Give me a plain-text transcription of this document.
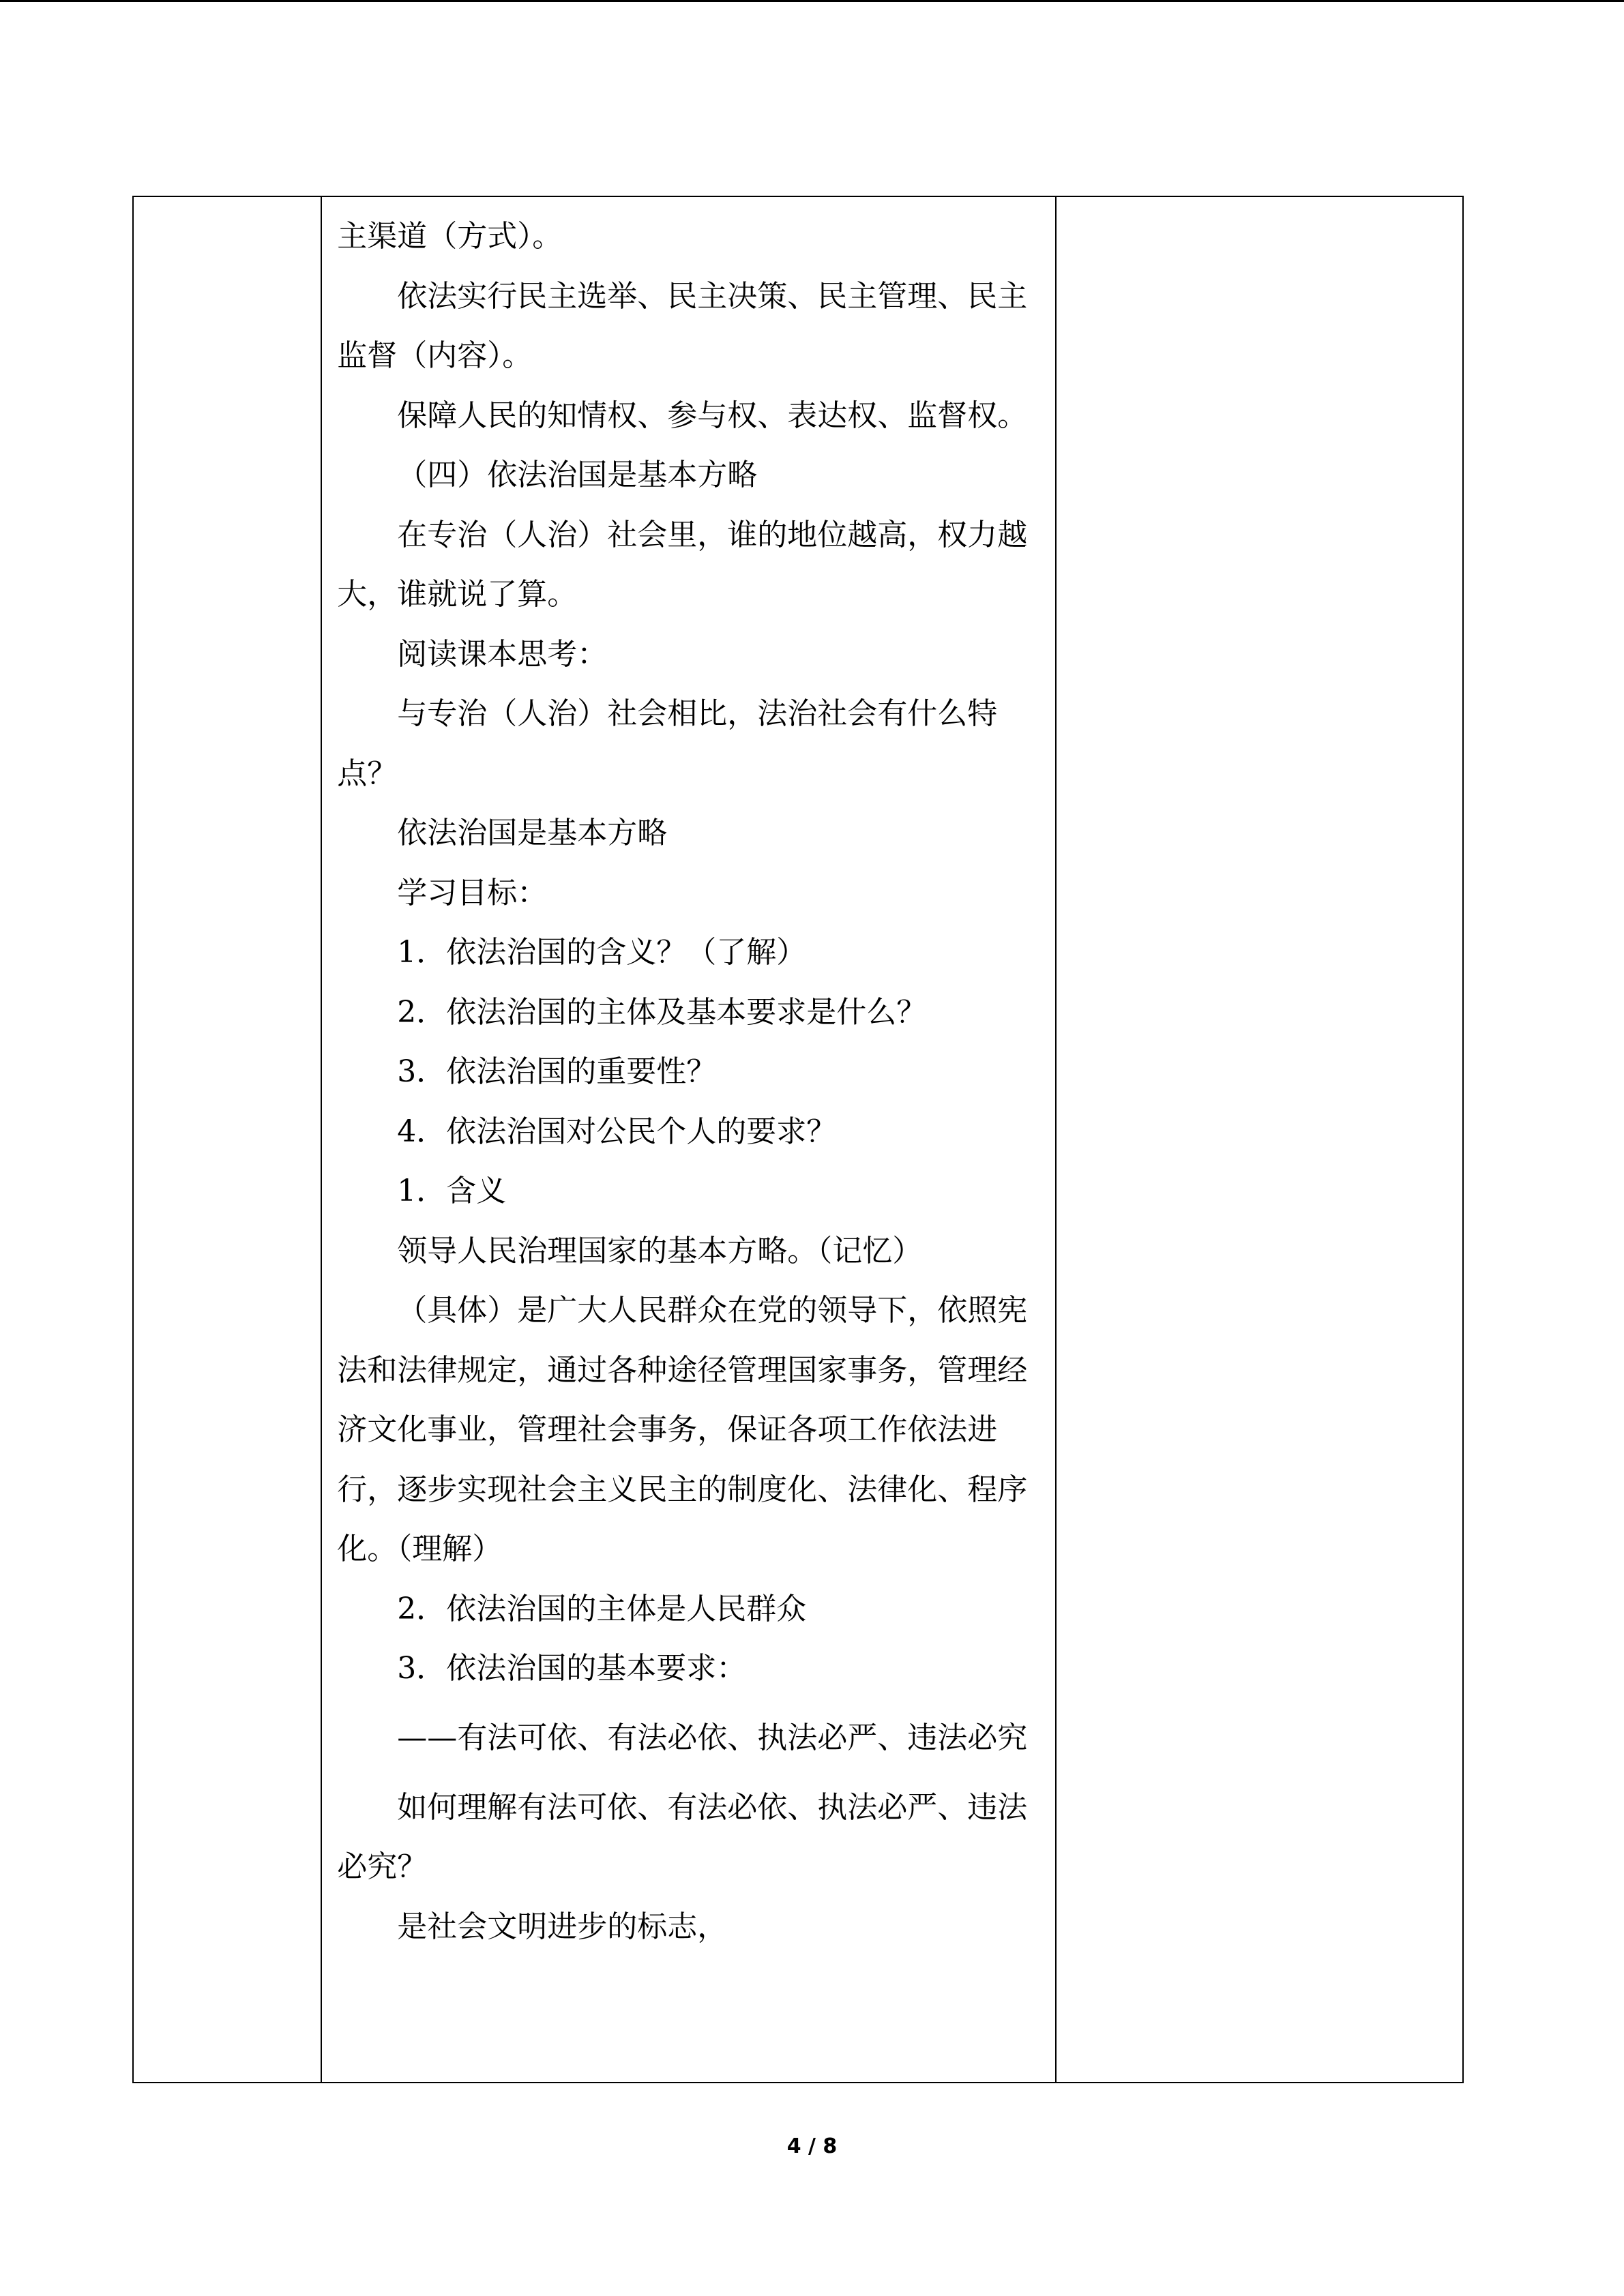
主渠道（方式）。

依法实行民主选举、民主决策、民主管理、民主监督（内容）。

保障人民的知情权、参与权、表达权、监督权。

（四）依法治国是基本方略

在专治（人治）社会里，谁的地位越高，权力越大，谁就说了算。

阅读课本思考：

与专治（人治）社会相比，法治社会有什么特点？

依法治国是基本方略

学习目标：

1．依法治国的含义？（了解）

2．依法治国的主体及基本要求是什么？

3．依法治国的重要性？

4．依法治国对公民个人的要求？

1．含义

领导人民治理国家的基本方略。（记忆）

（具体）是广大人民群众在党的领导下，依照宪法和法律规定，通过各种途径管理国家事务，管理经济文化事业，管理社会事务，保证各项工作依法进行，逐步实现社会主义民主的制度化、法律化、程序化。（理解）

2．依法治国的主体是人民群众

3．依法治国的基本要求：

——有法可依、有法必依、执法必严、违法必究

如何理解有法可依、有法必依、执法必严、违法必究？

是社会文明进步的标志，

4 / 8
